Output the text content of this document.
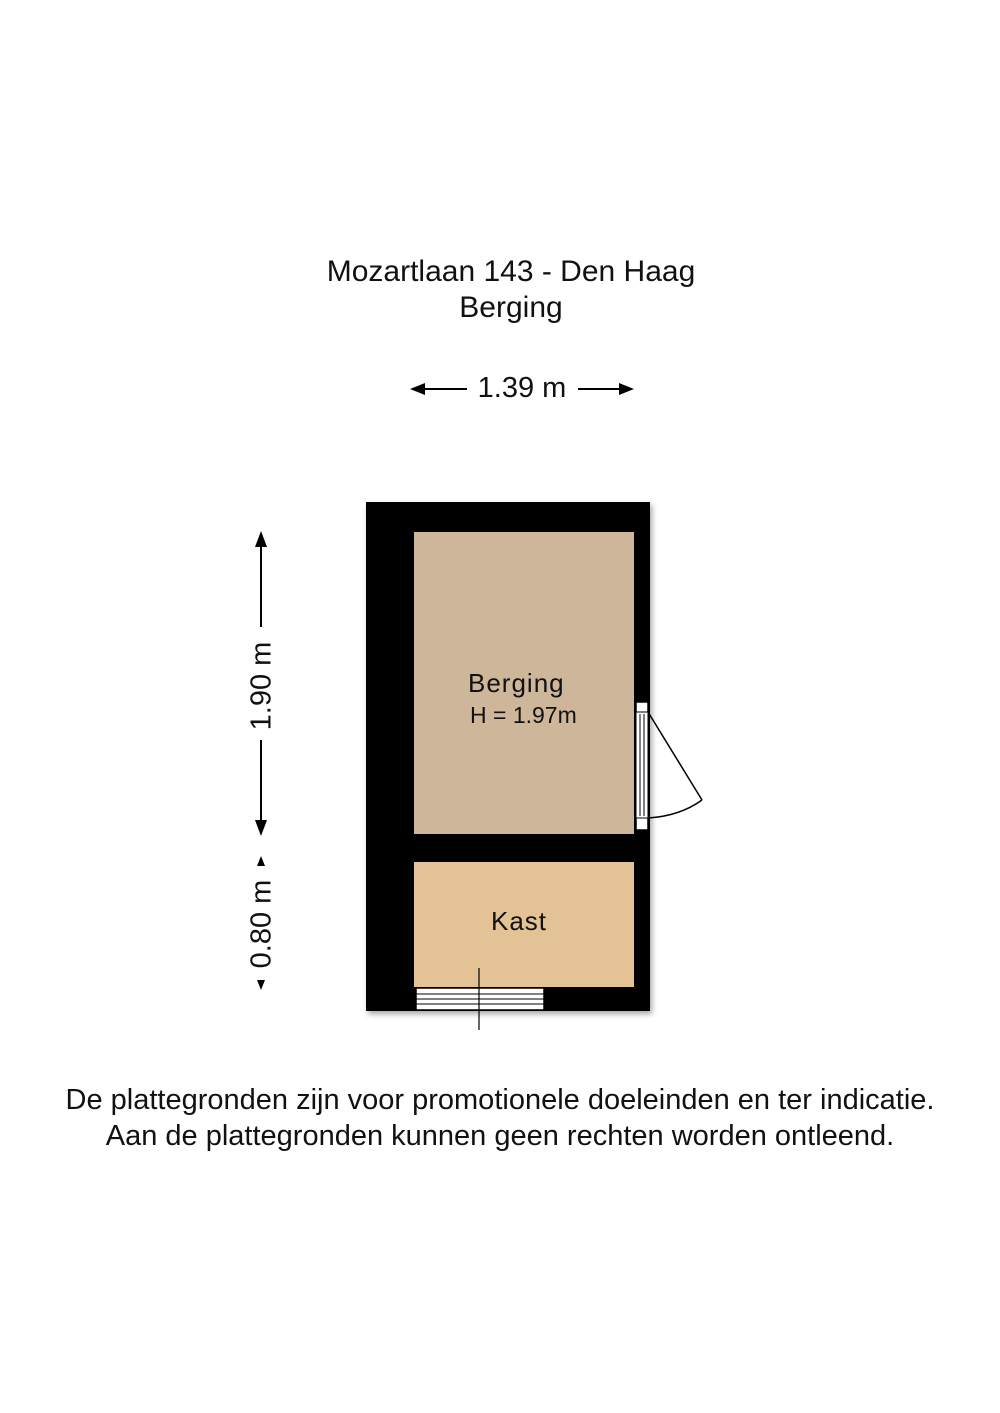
Mozartlaan 143 - Den Haag
Berging
1.39 m
1.90 m
0.80 m
Berging
H = 1.97m
Kast
De plattegronden zijn voor promotionele doeleinden en ter indicatie.
Aan de plattegronden kunnen geen rechten worden ontleend.
